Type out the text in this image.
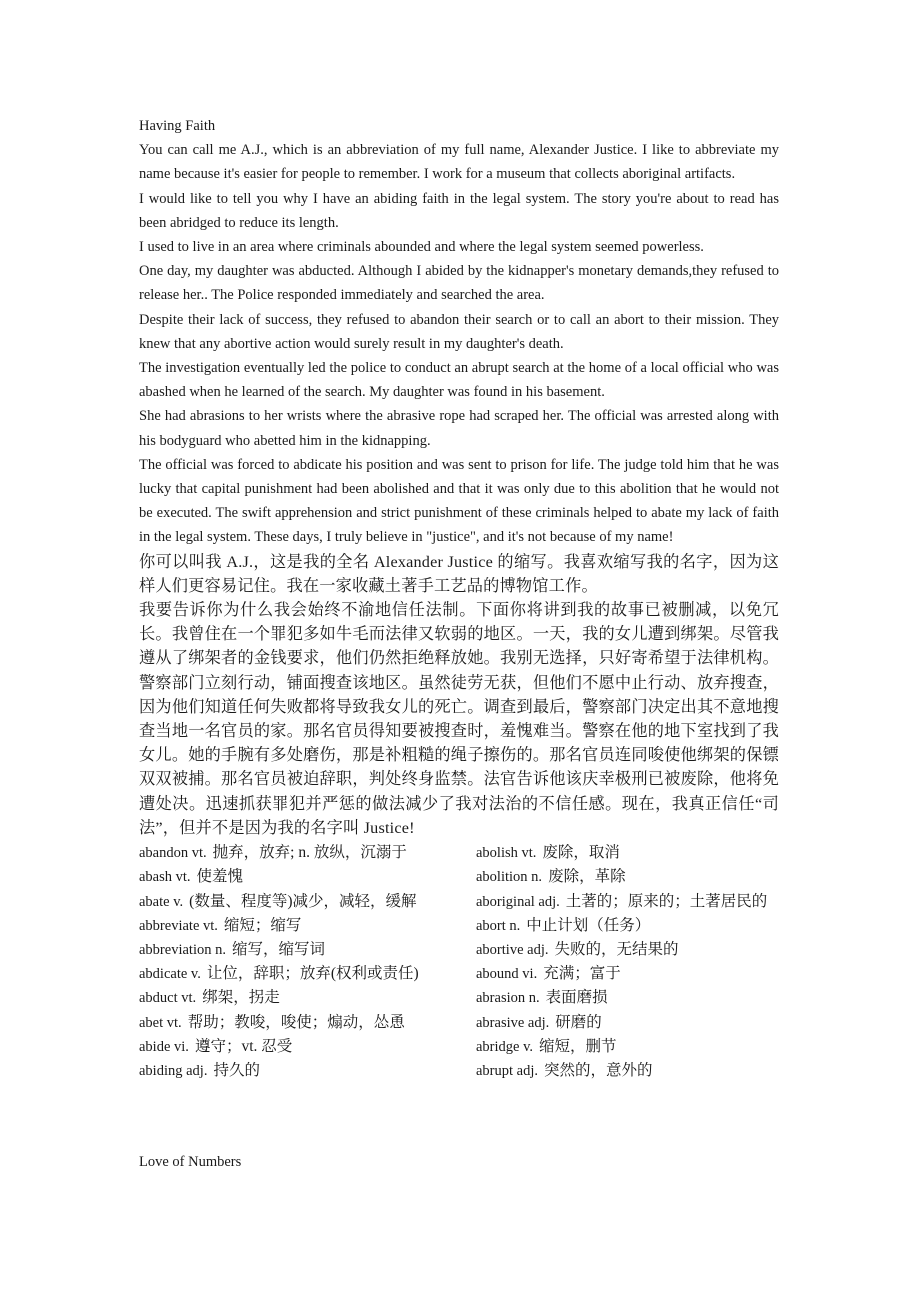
Having Faith

You can call me A.J., which is an abbreviation of my full name, Alexander Justice. I like to abbreviate my name because it's easier for people to remember. I work for a museum that collects aboriginal artifacts.

I would like to tell you why I have an abiding faith in the legal system. The story you're about to read has been abridged to reduce its length.

I used to live in an area where criminals abounded and where the legal system seemed powerless.

One day, my daughter was abducted. Although I abided by the kidnapper's monetary demands,they refused to release her.. The Police responded immediately and searched the area.

Despite their lack of success, they refused to abandon their search or to call an abort to their mission. They knew that any abortive action would surely result in my daughter's death.

The investigation eventually led the police to conduct an abrupt search at the home of a local official who was abashed when he learned of the search. My daughter was found in his basement.

She had abrasions to her wrists where the abrasive rope had scraped her. The official was arrested along with his bodyguard who abetted him in the kidnapping.

The official was forced to abdicate his position and was sent to prison for life. The judge told him that he was lucky that capital punishment had been abolished and that it was only due to this abolition that he would not be executed. The swift apprehension and strict punishment of these criminals helped to abate my lack of faith in the legal system. These days, I truly believe in "justice", and it's not because of my name!

你可以叫我 A.J.，这是我的全名 Alexander Justice 的缩写。我喜欢缩写我的名字，因为这样人们更容易记住。我在一家收藏土著手工艺品的博物馆工作。

我要告诉你为什么我会始终不渝地信任法制。下面你将讲到我的故事已被删减，以免冗长。我曾住在一个罪犯多如牛毛而法律又软弱的地区。一天，我的女儿遭到绑架。尽管我遵从了绑架者的金钱要求，他们仍然拒绝释放她。我别无选择，只好寄希望于法律机构。警察部门立刻行动，铺面搜查该地区。虽然徒劳无获，但他们不愿中止行动、放弃搜查，因为他们知道任何失败都将导致我女儿的死亡。调查到最后，警察部门决定出其不意地搜查当地一名官员的家。那名官员得知要被搜查时，羞愧难当。警察在他的地下室找到了我女儿。她的手腕有多处磨伤，那是补粗糙的绳子擦伤的。那名官员连同唆使他绑架的保镖双双被捕。那名官员被迫辞职，判处终身监禁。法官告诉他该庆幸极刑已被废除，他将免遭处决。迅速抓获罪犯并严惩的做法减少了我对法治的不信任感。现在，我真正信任“司法”，但并不是因为我的名字叫 Justice!

abandon vt. 抛弃，放弃; n. 放纵，沉溺于	abolish vt. 废除，取消
abash vt. 使羞愧	abolition n. 废除，革除
abate v. (数量、程度等)减少，减轻，缓解	aboriginal adj. 土著的；原来的；土著居民的
abbreviate vt. 缩短；缩写	abort n. 中止计划（任务）
abbreviation n. 缩写，缩写词	abortive adj. 失败的，无结果的
abdicate v. 让位，辞职；放弃(权利或责任)	abound vi. 充满；富于
abduct vt. 绑架，拐走	abrasion n. 表面磨损
abet vt. 帮助；教唆，唆使；煽动，怂恿	abrasive adj. 研磨的
abide vi. 遵守；vt. 忍受	abridge v. 缩短，删节
abiding adj. 持久的	abrupt adj. 突然的，意外的
Love of Numbers
